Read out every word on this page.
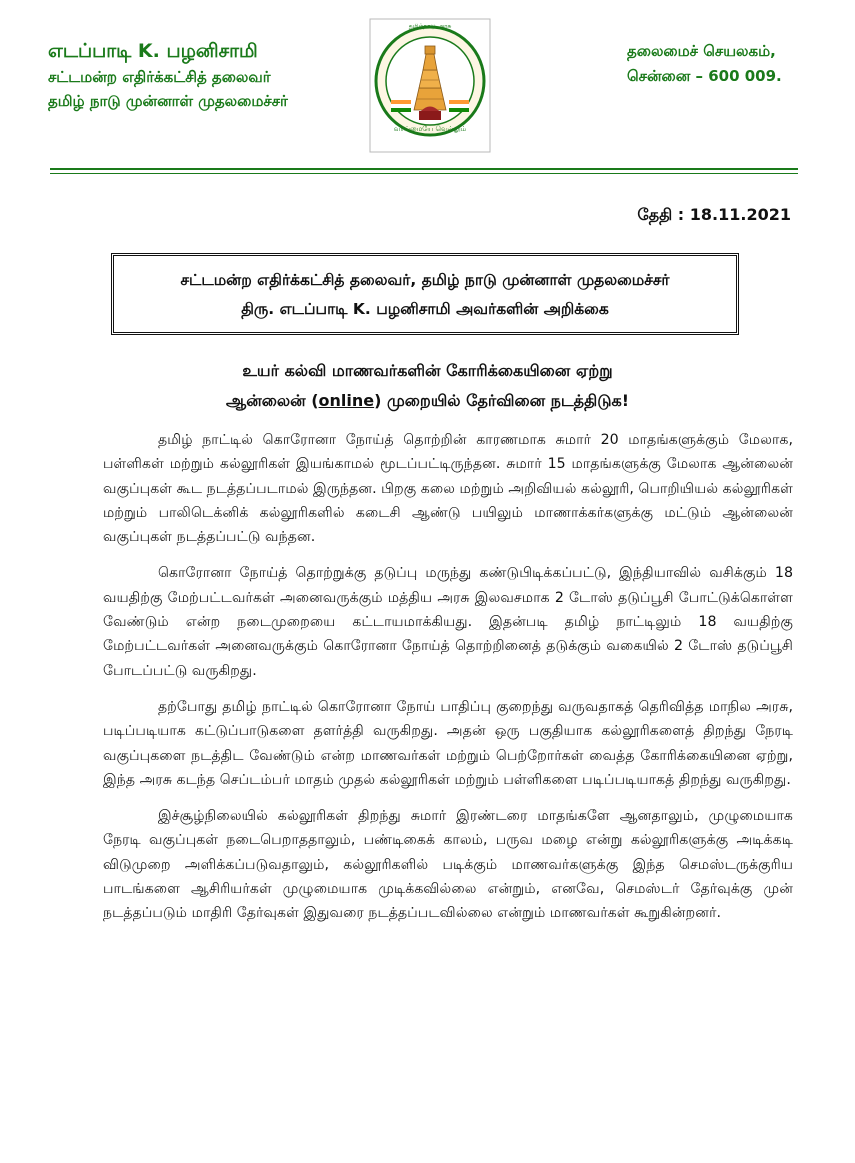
எடப்பாடி K. பழனிசாமி
சட்டமன்ற எதிர்க்கட்சித் தலைவர்
தமிழ் நாடு முன்னாள் முதலமைச்சர்
தமிழ்நாடு அரசு
வாய்மையே வெல்லும்
தலைமைச் செயலகம்,
சென்னை – 600 009.
தேதி : 18.11.2021
சட்டமன்ற எதிர்க்கட்சித் தலைவர், தமிழ் நாடு முன்னாள் முதலமைச்சர்
திரு. எடப்பாடி K. பழனிசாமி அவர்களின் அறிக்கை
உயர் கல்வி மாணவர்களின் கோரிக்கையினை ஏற்று
ஆன்லைன் (online) முறையில் தேர்வினை நடத்திடுக!

தமிழ் நாட்டில் கொரோனா நோய்த் தொற்றின் காரணமாக சுமார் 20 மாதங்களுக்கும் மேலாக, பள்ளிகள் மற்றும் கல்லூரிகள் இயங்காமல் மூடப்பட்டிருந்தன. சுமார் 15 மாதங்களுக்கு மேலாக ஆன்லைன் வகுப்புகள் கூட நடத்தப்படாமல் இருந்தன. பிறகு கலை மற்றும் அறிவியல் கல்லூரி, பொறியியல் கல்லூரிகள் மற்றும் பாலிடெக்னிக் கல்லூரிகளில் கடைசி ஆண்டு பயிலும் மாணாக்கர்களுக்கு மட்டும் ஆன்லைன் வகுப்புகள் நடத்தப்பட்டு வந்தன.

கொரோனா நோய்த் தொற்றுக்கு தடுப்பு மருந்து கண்டுபிடிக்கப்பட்டு, இந்தியாவில் வசிக்கும் 18 வயதிற்கு மேற்பட்டவர்கள் அனைவருக்கும் மத்திய அரசு இலவசமாக 2 டோஸ் தடுப்பூசி போட்டுக்கொள்ள வேண்டும் என்ற நடைமுறையை கட்டாயமாக்கியது. இதன்படி தமிழ் நாட்டிலும் 18 வயதிற்கு மேற்பட்டவர்கள் அனைவருக்கும் கொரோனா நோய்த் தொற்றினைத் தடுக்கும் வகையில் 2 டோஸ் தடுப்பூசி போடப்பட்டு வருகிறது.

தற்போது தமிழ் நாட்டில் கொரோனா நோய் பாதிப்பு குறைந்து வருவதாகத் தெரிவித்த மாநில அரசு, படிப்படியாக கட்டுப்பாடுகளை தளர்த்தி வருகிறது. அதன் ஒரு பகுதியாக கல்லூரிகளைத் திறந்து நேரடி வகுப்புகளை நடத்திட வேண்டும் என்ற மாணவர்கள் மற்றும் பெற்றோர்கள் வைத்த கோரிக்கையினை ஏற்று, இந்த அரசு கடந்த செப்டம்பர் மாதம் முதல் கல்லூரிகள் மற்றும் பள்ளிகளை படிப்படியாகத் திறந்து வருகிறது.

இச்சூழ்நிலையில் கல்லூரிகள் திறந்து சுமார் இரண்டரை மாதங்களே ஆனதாலும், முழுமையாக நேரடி வகுப்புகள் நடைபெறாததாலும், பண்டிகைக் காலம், பருவ மழை என்று கல்லூரிகளுக்கு அடிக்கடி விடுமுறை அளிக்கப்படுவதாலும், கல்லூரிகளில் படிக்கும் மாணவர்களுக்கு இந்த செமஸ்டருக்குரிய பாடங்களை ஆசிரியர்கள் முழுமையாக முடிக்கவில்லை என்றும், எனவே, செமஸ்டர் தேர்வுக்கு முன் நடத்தப்படும் மாதிரி தேர்வுகள் இதுவரை நடத்தப்படவில்லை என்றும் மாணவர்கள் கூறுகின்றனர்.
